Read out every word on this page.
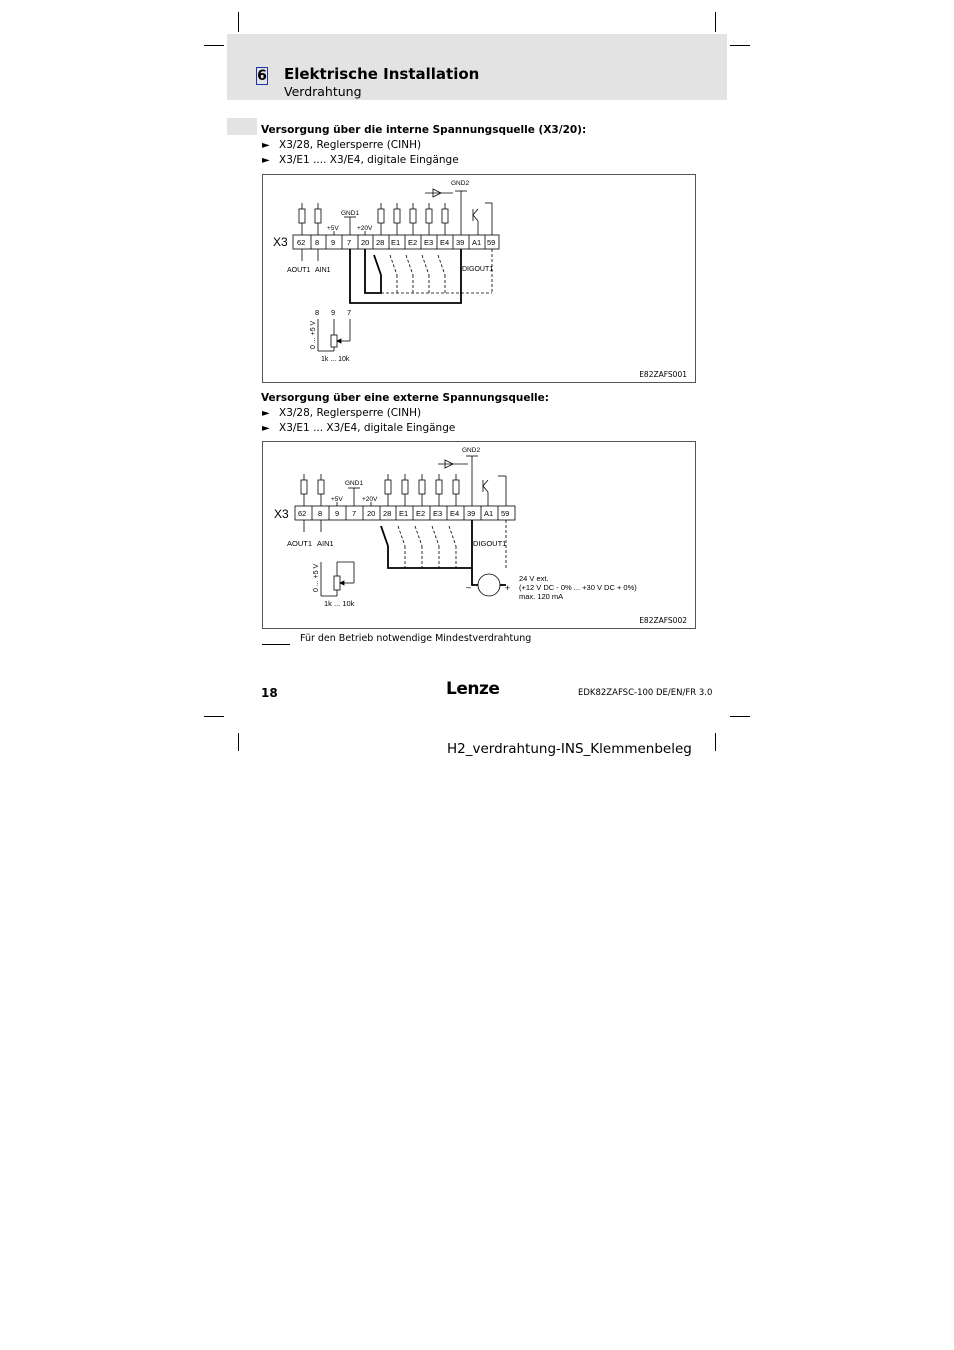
6 Elektrische Installation
Verdrahtung
Versorgung über die interne Spannungsquelle (X3/20):
► X3/28, Reglersperre (CINH)
► X3/E1 .... X3/E4, digitale Eingänge
X3 62 8 9 7 20 28 E1 E2 E3 E4 39 A1 59
GND1
GND2
+5V	+20V
AOUT1 AIN1	DIGOUT1
8 9 7
1k ... 10k
0 ... +5 V
E82ZAFS001
Versorgung über eine externe Spannungsquelle:
► X3/28, Reglersperre (CINH)
► X3/E1 ... X3/E4, digitale Eingänge
X3 62 8 9 7 20 28 E1 E2 E3 E4 39 A1 59
GND1
GND2
+5V	+20V
AOUT1 AIN1	DIGOUT1
1k ... 10k
0 ... +5 V	–	+
24 V ext.
(+12 V DC - 0% ... +30 V DC + 0%)
max. 120 mA
E82ZAFS002
Für den Betrieb notwendige Mindestverdrahtung
18	Lenze	EDK82ZAFSC-100 DE/EN/FR 3.0
H2_verdrahtung-INS_Klemmenbeleg
